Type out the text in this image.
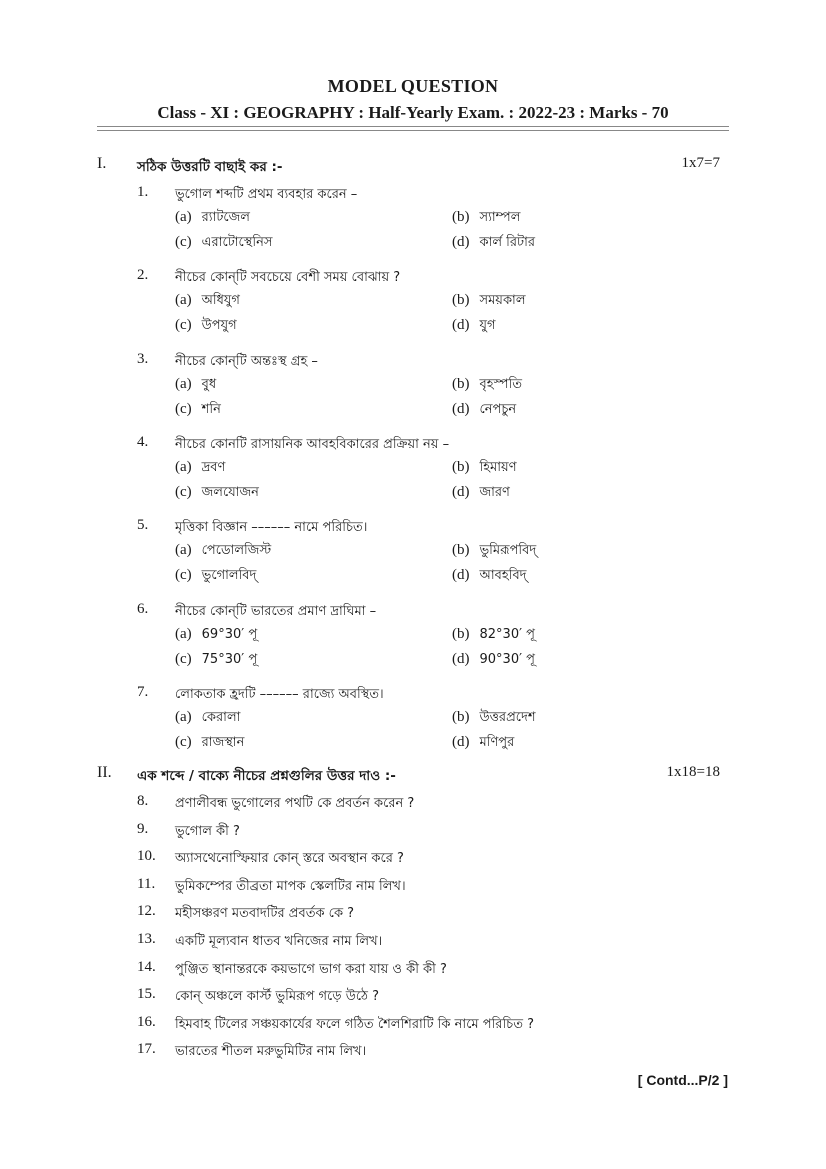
MODEL QUESTION
Class - XI : GEOGRAPHY : Half-Yearly Exam. : 2022-23 : Marks - 70
I. সঠিক উত্তরটি বাছাই কর :-	1x7=7
1. ভুগোল শব্দটি প্রথম ব্যবহার করেন –
(a) র‍্যাটজেল	(b) স্যাম্পল
(c) এরাটোস্থেনিস	(d) কার্ল রিটার
2. নীচের কোন্‌টি সবচেয়ে বেশী সময় বোঝায় ?
(a) অধিযুগ	(b) সময়কাল
(c) উপযুগ	(d) যুগ
3. নীচের কোন্‌টি অন্তঃস্থ গ্রহ –
(a) বুধ	(b) বৃহস্পতি
(c) শনি	(d) নেপচুন
4. নীচের কোনটি রাসায়নিক আবহবিকারের প্রক্রিয়া নয় –
(a) দ্রবণ	(b) হিমায়ণ
(c) জলযোজন	(d) জারণ
5. মৃত্তিকা বিজ্ঞান –––––– নামে পরিচিত।
(a) পেডোলজিস্ট	(b) ভুমিরূপবিদ্‌
(c) ভুগোলবিদ্‌	(d) আবহবিদ্‌
6. নীচের কোন্‌টি ভারতের প্রমাণ দ্রাঘিমা –
(a) 69°30′ পূ	(b) 82°30′ পূ
(c) 75°30′ পূ	(d) 90°30′ পূ
7. লোকতাক হ্রদটি –––––– রাজ্যে অবস্থিত।
(a) কেরালা	(b) উত্তরপ্রদেশ
(c) রাজস্থান	(d) মণিপুর
II. এক শব্দে / বাক্যে নীচের প্রশ্নগুলির উত্তর দাও :-	1x18=18
8. প্রণালীবন্ধ ভুগোলের পথটি কে প্রবর্তন করেন ?
9. ভুগোল কী ?
10. অ্যাসথেনোস্ফিয়ার কোন্‌ স্তরে অবস্থান করে ?
11. ভুমিকম্পের তীব্রতা মাপক স্কেলটির নাম লিখ।
12. মহীসঞ্চরণ মতবাদটির প্রবর্তক কে ?
13. একটি মূল্যবান ধাতব খনিজের নাম লিখ।
14. পুঞ্জিত স্থানান্তরকে কয়ভাগে ভাগ করা যায় ও কী কী ?
15. কোন্‌ অঞ্চলে কার্স্ট ভুমিরূপ গড়ে উঠে ?
16. হিমবাহ টিলের সঞ্চয়কার্যের ফলে গঠিত শৈলশিরাটি কি নামে পরিচিত ?
17. ভারতের শীতল মরুভুমিটির নাম লিখ।
[ Contd...P/2 ]
